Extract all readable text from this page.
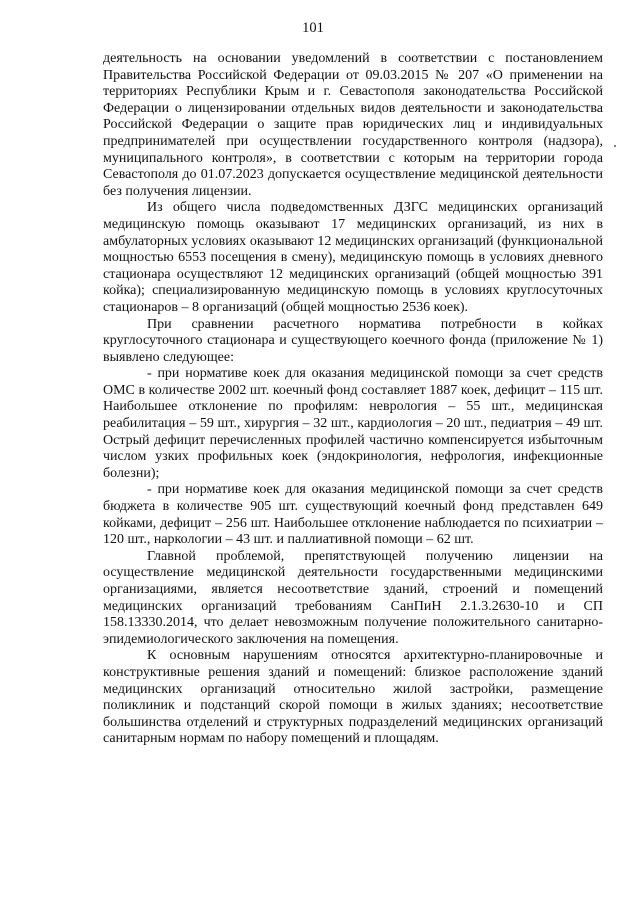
101

деятельность на основании уведомлений в соответствии с постановлением Правительства Российской Федерации от 09.03.2015 № 207 «О применении на территориях Республики Крым и г. Севастополя законодательства Российской Федерации о лицензировании отдельных видов деятельности и законодательства Российской Федерации о защите прав юридических лиц и индивидуальных предпринимателей при осуществлении государственного контроля (надзора), муниципального контроля», в соответствии с которым на территории города Севастополя до 01.07.2023 допускается осуществление медицинской деятельности без получения лицензии.

Из общего числа подведомственных ДЗГС медицинских организаций медицинскую помощь оказывают 17 медицинских организаций, из них в амбулаторных условиях оказывают 12 медицинских организаций (функциональной мощностью 6553 посещения в смену), медицинскую помощь в условиях дневного стационара осуществляют 12 медицинских организаций (общей мощностью 391 койка); специализированную медицинскую помощь в условиях круглосуточных стационаров – 8 организаций (общей мощностью 2536 коек).

При сравнении расчетного норматива потребности в койках круглосуточного стационара и существующего коечного фонда (приложение № 1) выявлено следующее:

- при нормативе коек для оказания медицинской помощи за счет средств ОМС в количестве 2002 шт. коечный фонд составляет 1887 коек, дефицит – 115 шт. Наибольшее отклонение по профилям: неврология – 55 шт., медицинская реабилитация – 59 шт., хирургия – 32 шт., кардиология – 20 шт., педиатрия – 49 шт. Острый дефицит перечисленных профилей частично компенсируется избыточным числом узких профильных коек (эндокринология, нефрология, инфекционные болезни);

- при нормативе коек для оказания медицинской помощи за счет средств бюджета в количестве 905 шт. существующий коечный фонд представлен 649 койками, дефицит – 256 шт. Наибольшее отклонение наблюдается по психиатрии – 120 шт., наркологии – 43 шт. и паллиативной помощи – 62 шт.

Главной проблемой, препятствующей получению лицензии на осуществление медицинской деятельности государственными медицинскими организациями, является несоответствие зданий, строений и помещений медицинских организаций требованиям СанПиН 2.1.3.2630-10 и СП 158.13330.2014, что делает невозможным получение положительного санитарно-эпидемиологического заключения на помещения.

К основным нарушениям относятся архитектурно-планировочные и конструктивные решения зданий и помещений: близкое расположение зданий медицинских организаций относительно жилой застройки, размещение поликлиник и подстанций скорой помощи в жилых зданиях; несоответствие большинства отделений и структурных подразделений медицинских организаций санитарным нормам по набору помещений и площадям.
